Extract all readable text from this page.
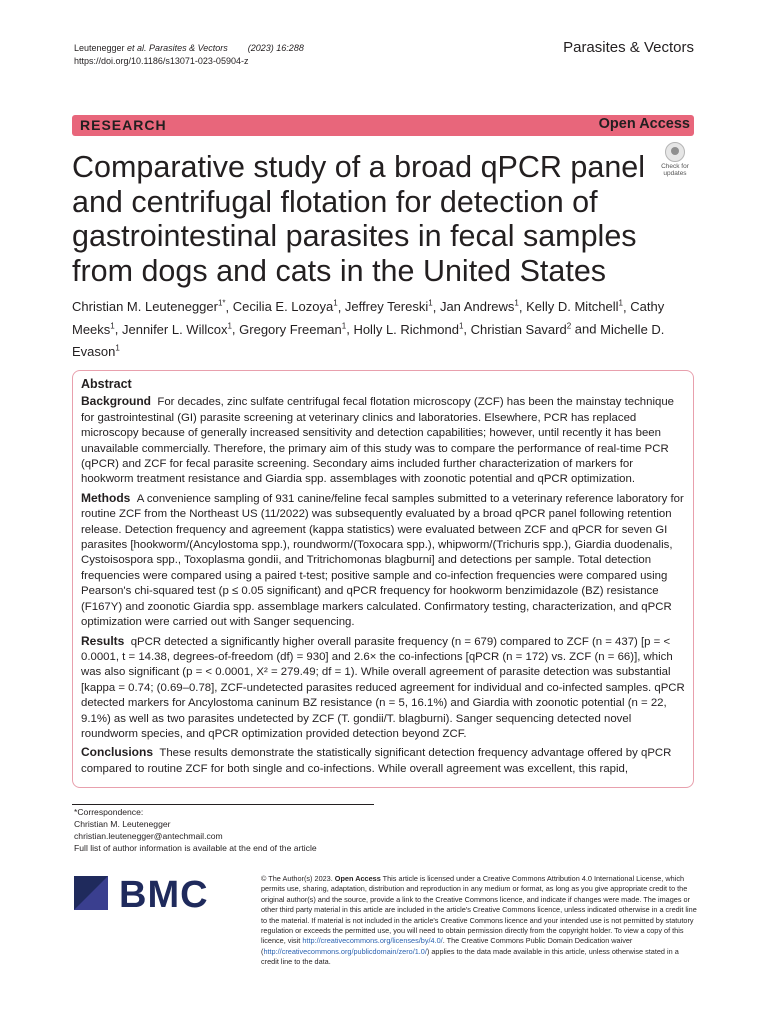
Leutenegger et al. Parasites & Vectors (2023) 16:288
https://doi.org/10.1186/s13071-023-05904-z
Parasites & Vectors
RESEARCH	Open Access
Check for
updates
Comparative study of a broad qPCR panel and centrifugal flotation for detection of gastrointestinal parasites in fecal samples from dogs and cats in the United States
Christian M. Leutenegger$^{1*}$, Cecilia E. Lozoya$^1$, Jeffrey Tereski$^1$, Jan Andrews$^1$, Kelly D. Mitchell$^1$, Cathy Meeks$^1$, Jennifer L. Willcox$^1$, Gregory Freeman$^1$, Holly L. Richmond$^1$, Christian Savard$^2$ and Michelle D. Evason$^1$

Abstract

Background For decades, zinc sulfate centrifugal fecal flotation microscopy (ZCF) has been the mainstay technique for gastrointestinal (GI) parasite screening at veterinary clinics and laboratories. Elsewhere, PCR has replaced microscopy because of generally increased sensitivity and detection capabilities; however, until recently it has been unavailable commercially. Therefore, the primary aim of this study was to compare the performance of real-time PCR (qPCR) and ZCF for fecal parasite screening. Secondary aims included further characterization of markers for hookworm treatment resistance and Giardia spp. assemblages with zoonotic potential and qPCR optimization.

Methods A convenience sampling of 931 canine/feline fecal samples submitted to a veterinary reference laboratory for routine ZCF from the Northeast US (11/2022) was subsequently evaluated by a broad qPCR panel following retention release. Detection frequency and agreement (kappa statistics) were evaluated between ZCF and qPCR for seven GI parasites [hookworm/(Ancylostoma spp.), roundworm/(Toxocara spp.), whipworm/(Trichuris spp.), Giardia duodenalis, Cystoisospora spp., Toxoplasma gondii, and Tritrichomonas blagburni] and detections per sample. Total detection frequencies were compared using a paired t-test; positive sample and co-infection frequencies were compared using Pearson's chi-squared test (p ≤ 0.05 significant) and qPCR frequency for hookworm benzimidazole (BZ) resistance (F167Y) and zoonotic Giardia spp. assemblage markers calculated. Confirmatory testing, characterization, and qPCR optimization were carried out with Sanger sequencing.

Results qPCR detected a significantly higher overall parasite frequency (n = 679) compared to ZCF (n = 437) [p = < 0.0001, t = 14.38, degrees-of-freedom (df) = 930] and 2.6× the co-infections [qPCR (n = 172) vs. ZCF (n = 66)], which was also significant (p = < 0.0001, X² = 279.49; df = 1). While overall agreement of parasite detection was substantial [kappa = 0.74; (0.69–0.78], ZCF-undetected parasites reduced agreement for individual and co-infected samples. qPCR detected markers for Ancylostoma caninum BZ resistance (n = 5, 16.1%) and Giardia with zoonotic potential (n = 22, 9.1%) as well as two parasites undetected by ZCF (T. gondii/T. blagburni). Sanger sequencing detected novel roundworm species, and qPCR optimization provided detection beyond ZCF.

Conclusions These results demonstrate the statistically significant detection frequency advantage offered by qPCR compared to routine ZCF for both single and co-infections. While overall agreement was excellent, this rapid,

*Correspondence:
Christian M. Leutenegger
christian.leutenegger@antechmail.com
Full list of author information is available at the end of the article
BMC	© The Author(s) 2023. Open Access This article is licensed under a Creative Commons Attribution 4.0 International License, which permits use, sharing, adaptation, distribution and reproduction in any medium or format, as long as you give appropriate credit to the original author(s) and the source, provide a link to the Creative Commons licence, and indicate if changes were made. The images or other third party material in this article are included in the article's Creative Commons licence, unless indicated otherwise in a credit line to the material. If material is not included in the article's Creative Commons licence and your intended use is not permitted by statutory regulation or exceeds the permitted use, you will need to obtain permission directly from the copyright holder. To view a copy of this licence, visit http://creativecommons.org/licenses/by/4.0/. The Creative Commons Public Domain Dedication waiver (http://creativecommons.org/publicdomain/zero/1.0/) applies to the data made available in this article, unless otherwise stated in a credit line to the data.
